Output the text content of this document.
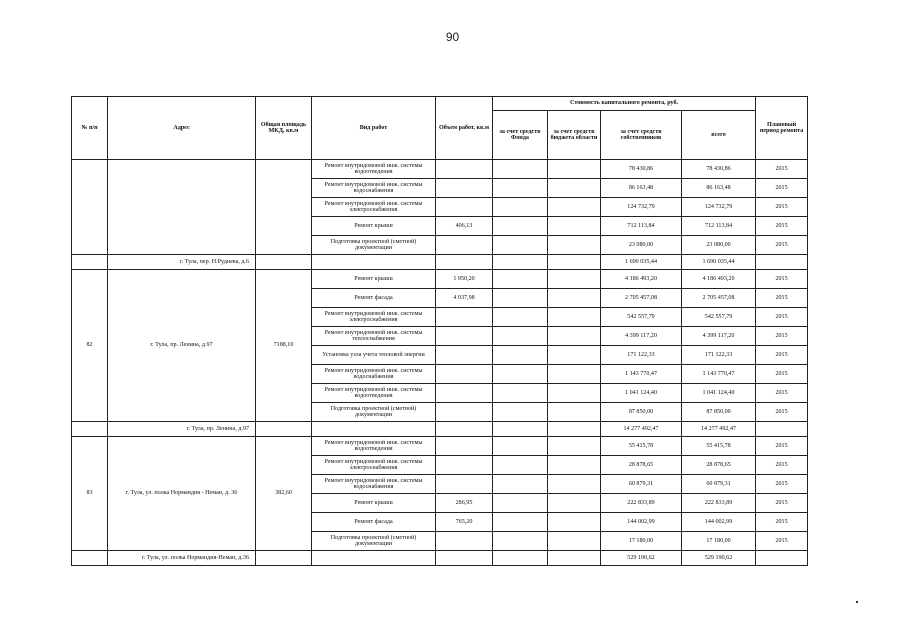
90
№ п/п	Адрес	Общая площадь МКД, кв.м	Вид работ	Объем работ, кв.м	Стоимость капитального ремонта, руб.				Плановый период ремонта
					за счет средств Фонда	за счет средств бюджета области	за счет средств собственников	всего	
			Ремонт внутридомовой инж. системы водоотведения				78 430,86	78 430,86	2015
			Ремонт внутридомовой инж. системы водоснабжения				86 163,48	86 163,48	2015
			Ремонт внутридомовой инж. системы электроснабжения				124 732,79	124 732,79	2015
			Ремонт крыши	406,13			712 113,84	712 113,84	2015
			Подготовка проектной (сметной) документации				23 080,00	23 080,00	2015
	г. Тула, пер. Н.Руднева, д.6						1 690 035,44	1 690 035,44	
82	г. Тула, пр. Ленина, д.97	7188,10	Ремонт крыши	1 950,20			4 186 493,20	4 186 493,20	2015
			Ремонт фасада	4 037,98			2 705 457,08	2 705 457,08	2015
			Ремонт внутридомовой инж. системы электроснабжения				542 557,79	542 557,79	2015
			Ремонт внутридомовой инж. системы теплоснабжения				4 399 117,20	4 399 117,20	2015
			Установка узла учета тепловой энергии				171 122,33	171 122,33	2015
			Ремонт внутридомовой инж. системы водоснабжения				1 143 770,47	1 143 770,47	2015
			Ремонт внутридомовой инж. системы водоотведения				1 041 124,40	1 041 124,40	2015
			Подготовка проектной (сметной) документации				87 850,00	87 850,00	2015
	г. Тула, пр. Ленина, д.97						14 277 492,47	14 277 492,47	
83	г. Тула, ул. полка Нормандия - Неман, д. 36	382,60	Ремонт внутридомовой инж. системы водоотведения				55 415,78	55 415,78	2015
			Ремонт внутридомовой инж. системы электроснабжения				28 878,65	28 878,65	2015
			Ремонт внутридомовой инж. системы водоснабжения				60 879,31	60 879,31	2015
			Ремонт крыши	286,95			222 833,89	222 833,89	2015
			Ремонт фасада	765,20			144 002,99	144 002,99	2015
			Подготовка проектной (сметной) документации				17 180,00	17 180,00	2015
	г. Тула, ул. полка Нормандия-Неман, д.36						529 190,62	529 190,62	
